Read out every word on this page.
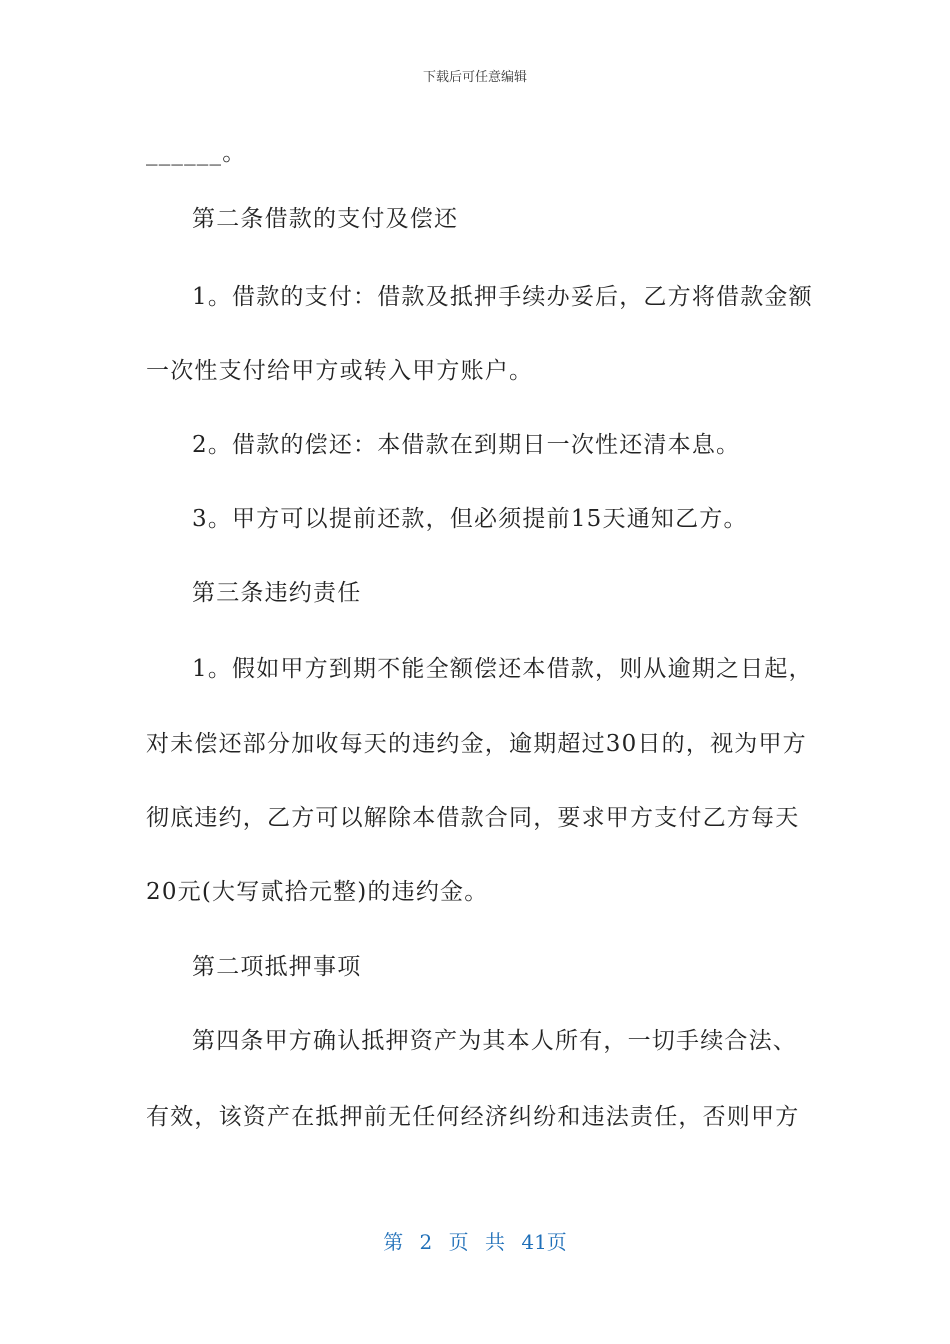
下载后可任意编辑
______。
第二条借款的支付及偿还
1。借款的支付：借款及抵押手续办妥后，乙方将借款金额
一次性支付给甲方或转入甲方账户。
2。借款的偿还：本借款在到期日一次性还清本息。
3。甲方可以提前还款，但必须提前15天通知乙方。
第三条违约责任
1。假如甲方到期不能全额偿还本借款，则从逾期之日起，
对未偿还部分加收每天的违约金，逾期超过30日的，视为甲方
彻底违约，乙方可以解除本借款合同，要求甲方支付乙方每天
20元(大写贰拾元整)的违约金。
第二项抵押事项
第四条甲方确认抵押资产为其本人所有，一切手续合法、
有效，该资产在抵押前无任何经济纠纷和违法责任，否则甲方
第 2 页 共 41页
